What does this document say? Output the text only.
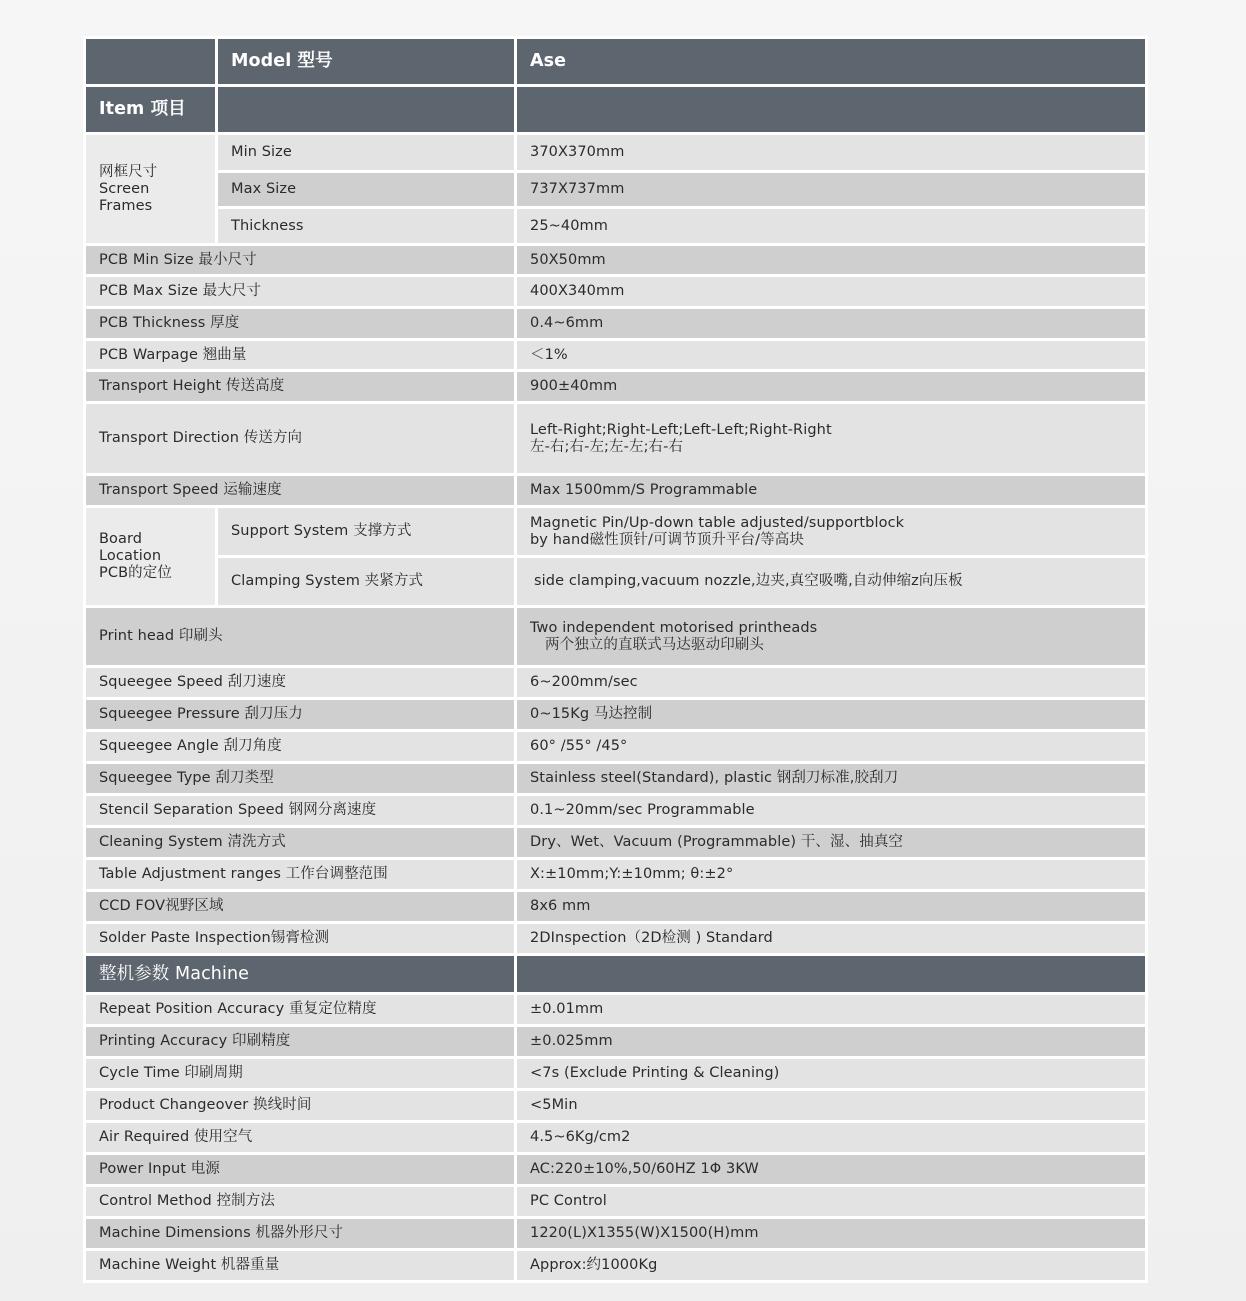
	Model 型号	Ase
Item 项目		

网框尺寸
Screen
Frames	Min Size	370X370mm
	Max Size	737X737mm
	Thickness	25~40mm
PCB Min Size 最小尺寸		50X50mm
PCB Max Size 最大尺寸		400X340mm
PCB Thickness 厚度		0.4~6mm
PCB Warpage 翘曲量		＜1%
Transport Height 传送高度		900±40mm
Transport Direction 传送方向		Left-Right;Right-Left;Left-Left;Right-Right
左-右;右-左;左-左;右-右

Transport Speed 运输速度		Max 1500mm/S Programmable

Board
Location
PCB的定位	Support System 支撑方式	Magnetic Pin/Up-down table adjusted/supportblock
by hand磁性顶针/可调节顶升平台/等高块

	Clamping System 夹紧方式	side clamping,vacuum nozzle,边夹,真空吸嘴,自动伸缩z向压板
Print head 印刷头		Two independent motorised printheads
两个独立的直联式马达驱动印刷头

Squeegee Speed 刮刀速度		6~200mm/sec
Squeegee Pressure 刮刀压力		0~15Kg 马达控制
Squeegee Angle 刮刀角度		60° /55° /45°
Squeegee Type 刮刀类型		Stainless steel(Standard), plastic 钢刮刀标准,胶刮刀
Stencil Separation Speed 钢网分离速度		0.1~20mm/sec Programmable
Cleaning System 清洗方式		Dry、Wet、Vacuum (Programmable) 干、湿、抽真空
Table Adjustment ranges 工作台调整范围		X:±10mm;Y:±10mm; θ:±2°
CCD FOV视野区域		8x6 mm
Solder Paste Inspection锡膏检测		2DInspection（2D检测 ) Standard
整机参数 Machine		
Repeat Position Accuracy 重复定位精度		±0.01mm
Printing Accuracy 印刷精度		±0.025mm
Cycle Time 印刷周期		<7s (Exclude Printing & Cleaning)
Product Changeover 换线时间		<5Min
Air Required 使用空气		4.5~6Kg/cm2
Power Input 电源		AC:220±10%,50/60HZ 1Φ 3KW
Control Method 控制方法		PC Control
Machine Dimensions 机器外形尺寸		1220(L)X1355(W)X1500(H)mm
Machine Weight 机器重量		Approx:约1000Kg
